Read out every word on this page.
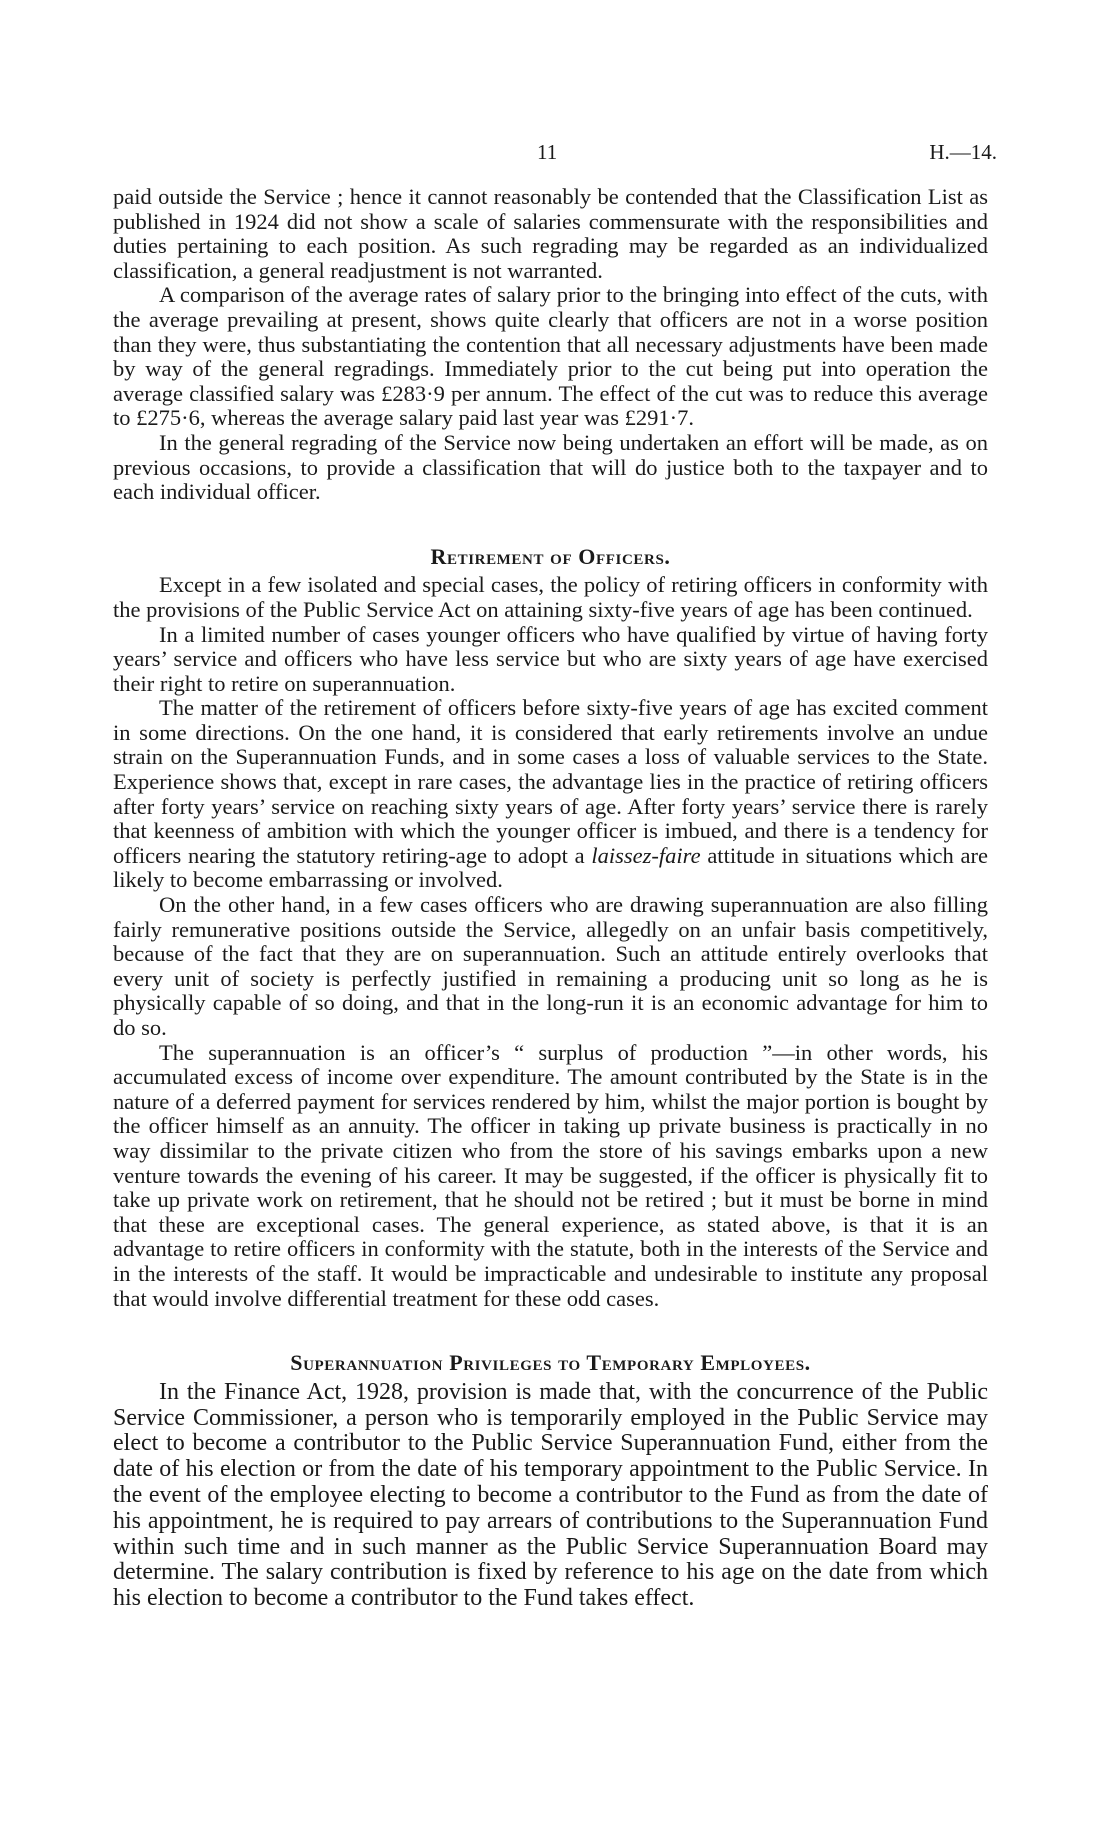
11	H.—14.

paid outside the Service ; hence it cannot reasonably be contended that the Classification List as published in 1924 did not show a scale of salaries commensurate with the responsibilities and duties pertaining to each position. As such regrading may be regarded as an individualized classification, a general readjustment is not warranted.

A comparison of the average rates of salary prior to the bringing into effect of the cuts, with the average prevailing at present, shows quite clearly that officers are not in a worse position than they were, thus substantiating the contention that all necessary adjustments have been made by way of the general regradings. Immediately prior to the cut being put into operation the average classified salary was £283·9 per annum. The effect of the cut was to reduce this average to £275·6, whereas the average salary paid last year was £291·7.

In the general regrading of the Service now being undertaken an effort will be made, as on previous occasions, to provide a classification that will do justice both to the taxpayer and to each individual officer.

Retirement of Officers.

Except in a few isolated and special cases, the policy of retiring officers in conformity with the provisions of the Public Service Act on attaining sixty-five years of age has been continued.

In a limited number of cases younger officers who have qualified by virtue of having forty years’ service and officers who have less service but who are sixty years of age have exercised their right to retire on superannuation.

The matter of the retirement of officers before sixty-five years of age has excited comment in some directions. On the one hand, it is considered that early retirements involve an undue strain on the Superannuation Funds, and in some cases a loss of valuable services to the State. Experience shows that, except in rare cases, the advantage lies in the practice of retiring officers after forty years’ service on reaching sixty years of age. After forty years’ service there is rarely that keenness of ambition with which the younger officer is imbued, and there is a tendency for officers nearing the statutory retiring-age to adopt a laissez-faire attitude in situations which are likely to become embarrassing or involved.

On the other hand, in a few cases officers who are drawing superannuation are also filling fairly remunerative positions outside the Service, allegedly on an unfair basis competitively, because of the fact that they are on superannuation. Such an attitude entirely overlooks that every unit of society is perfectly justified in remaining a producing unit so long as he is physically capable of so doing, and that in the long-run it is an economic advantage for him to do so.

The superannuation is an officer’s “ surplus of production ”—in other words, his accumulated excess of income over expenditure. The amount contributed by the State is in the nature of a deferred payment for services rendered by him, whilst the major portion is bought by the officer himself as an annuity. The officer in taking up private business is practically in no way dissimilar to the private citizen who from the store of his savings embarks upon a new venture towards the evening of his career. It may be suggested, if the officer is physically fit to take up private work on retirement, that he should not be retired ; but it must be borne in mind that these are exceptional cases. The general experience, as stated above, is that it is an advantage to retire officers in conformity with the statute, both in the interests of the Service and in the interests of the staff. It would be impracticable and undesirable to institute any proposal that would involve differential treatment for these odd cases.

Superannuation Privileges to Temporary Employees.

In the Finance Act, 1928, provision is made that, with the concurrence of the Public Service Commissioner, a person who is temporarily employed in the Public Service may elect to become a contributor to the Public Service Superannuation Fund, either from the date of his election or from the date of his temporary appointment to the Public Service. In the event of the employee electing to become a contributor to the Fund as from the date of his appointment, he is required to pay arrears of contributions to the Superannuation Fund within such time and in such manner as the Public Service Superannuation Board may determine. The salary contribution is fixed by reference to his age on the date from which his election to become a contributor to the Fund takes effect.
